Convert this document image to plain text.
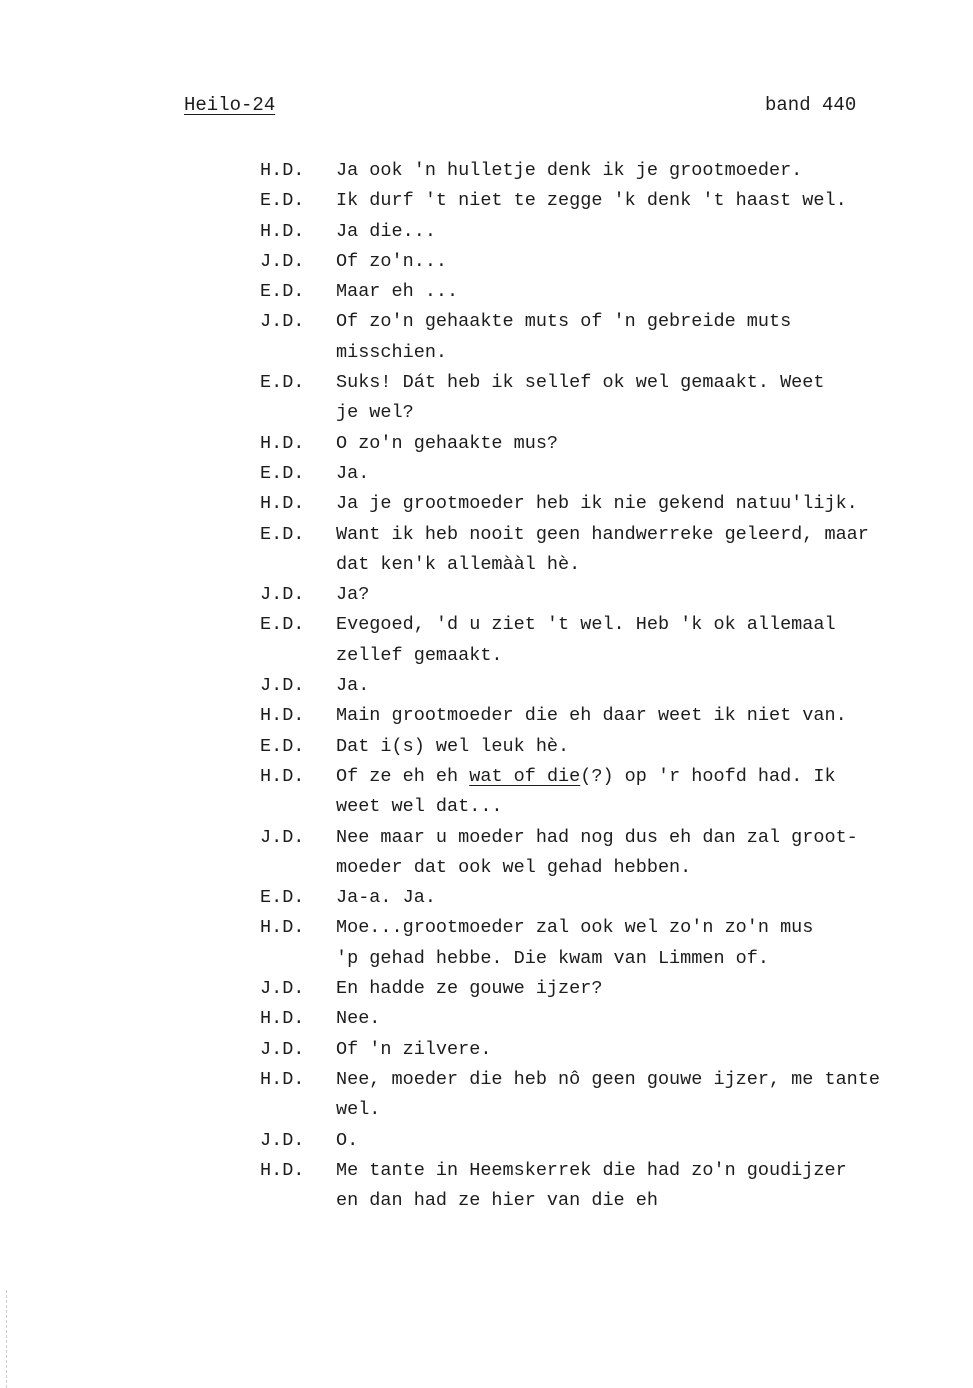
Heilo-24	band 440
H.D.	Ja ook 'n hulletje denk ik je grootmoeder.
E.D.	Ik durf 't niet te zegge 'k denk 't haast wel.
H.D.	Ja die...
J.D.	Of zo'n...
E.D.	Maar eh ...
J.D.	Of zo'n gehaakte muts of 'n gebreide muts
misschien.
E.D.	Suks! Dát heb ik sellef ok wel gemaakt. Weet
je wel?
H.D.	O zo'n gehaakte mus?
E.D.	Ja.
H.D.	Ja je grootmoeder heb ik nie gekend natuu'lijk.
E.D.	Want ik heb nooit geen handwerreke geleerd, maar
dat ken'k allemààl hè.
J.D.	Ja?
E.D.	Evegoed, 'd u ziet 't wel. Heb 'k ok allemaal
zellef gemaakt.
J.D.	Ja.
H.D.	Main grootmoeder die eh daar weet ik niet van.
E.D.	Dat i(s) wel leuk hè.
H.D.	Of ze eh eh wat of die(?) op 'r hoofd had. Ik
weet wel dat...
J.D.	Nee maar u moeder had nog dus eh dan zal groot-
moeder dat ook wel gehad hebben.
E.D.	Ja-a. Ja.
H.D.	Moe...grootmoeder zal ook wel zo'n zo'n mus
'p gehad hebbe. Die kwam van Limmen of.
J.D.	En hadde ze gouwe ijzer?
H.D.	Nee.
J.D.	Of 'n zilvere.
H.D.	Nee, moeder die heb nô geen gouwe ijzer, me tante
wel.
J.D.	O.
H.D.	Me tante in Heemskerrek die had zo'n goudijzer
en dan had ze hier van die eh
